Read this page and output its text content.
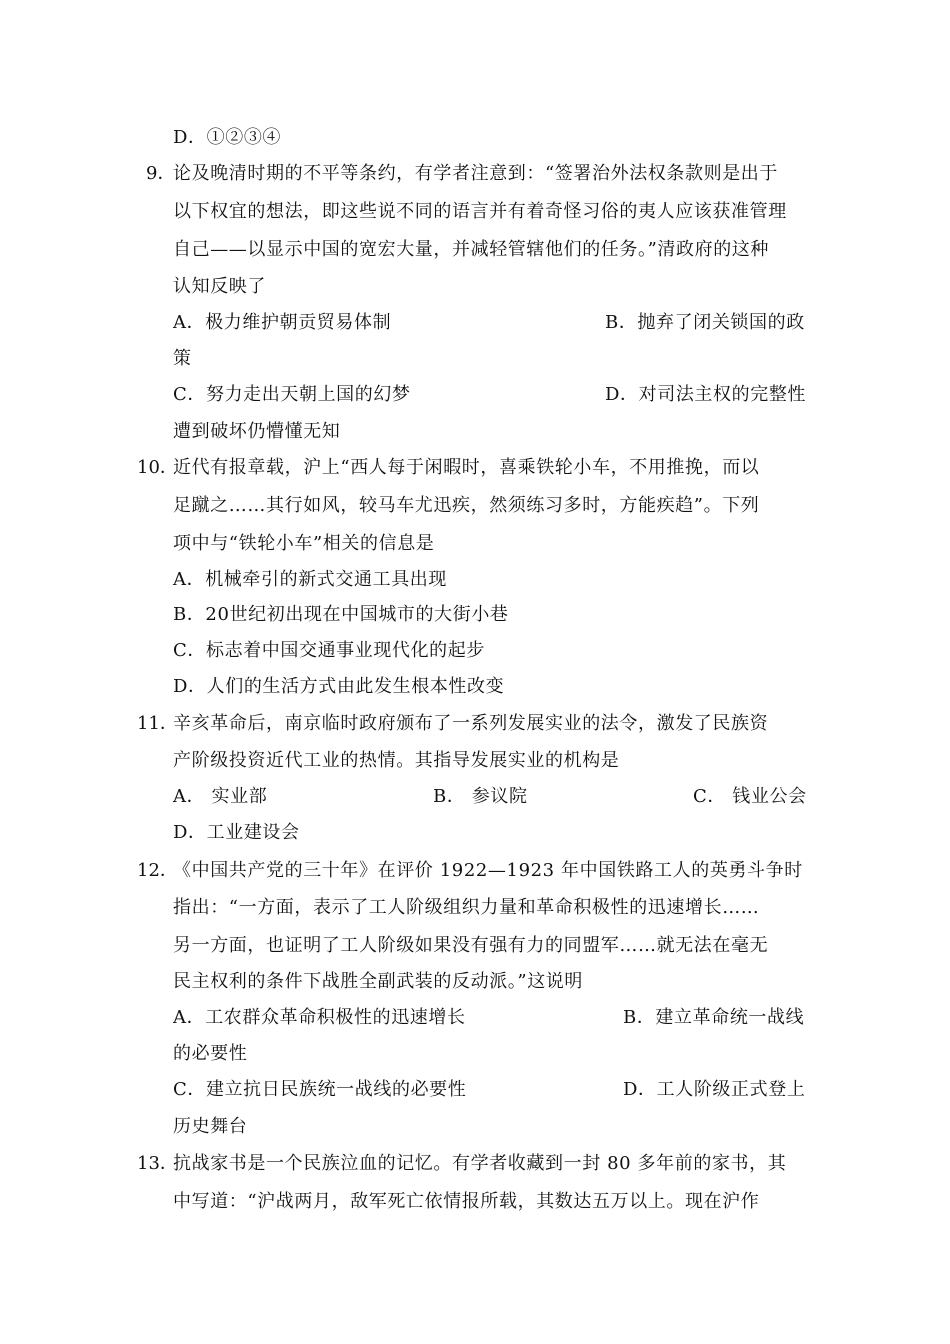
D．①②③④
9．
论及晚清时期的不平等条约，有学者注意到：“签署治外法权条款则是出于
以下权宜的想法，即这些说不同的语言并有着奇怪习俗的夷人应该获准管理
自己——以显示中国的宽宏大量，并减轻管辖他们的任务。”清政府的这种
认知反映了
A．极力维护朝贡贸易体制	B．抛弃了闭关锁国的政
策
C．努力走出天朝上国的幻梦	D．对司法主权的完整性
遭到破坏仍懵懂无知
10．
近代有报章载，沪上“西人每于闲暇时，喜乘铁轮小车，不用推挽，而以
足蹴之……其行如风，较马车尤迅疾，然须练习多时，方能疾趋”。下列
项中与“铁轮小车”相关的信息是
A．机械牵引的新式交通工具出现
B．20世纪初出现在中国城市的大街小巷
C．标志着中国交通事业现代化的起步
D．人们的生活方式由此发生根本性改变
11．
辛亥革命后，南京临时政府颁布了一系列发展实业的法令，激发了民族资
产阶级投资近代工业的热情。其指导发展实业的机构是
A． 实业部	B． 参议院	C． 钱业公会
D．工业建设会
12．
《中国共产党的三十年》在评价 1922—1923 年中国铁路工人的英勇斗争时
指出：“一方面，表示了工人阶级组织力量和革命积极性的迅速增长……
另一方面，也证明了工人阶级如果没有强有力的同盟军……就无法在毫无
民主权利的条件下战胜全副武装的反动派。”这说明
A．工农群众革命积极性的迅速增长	B．建立革命统一战线
的必要性
C．建立抗日民族统一战线的必要性	D．工人阶级正式登上
历史舞台
13．
抗战家书是一个民族泣血的记忆。有学者收藏到一封 80 多年前的家书，其
中写道：“沪战两月，敌军死亡依情报所载，其数达五万以上。现在沪作
